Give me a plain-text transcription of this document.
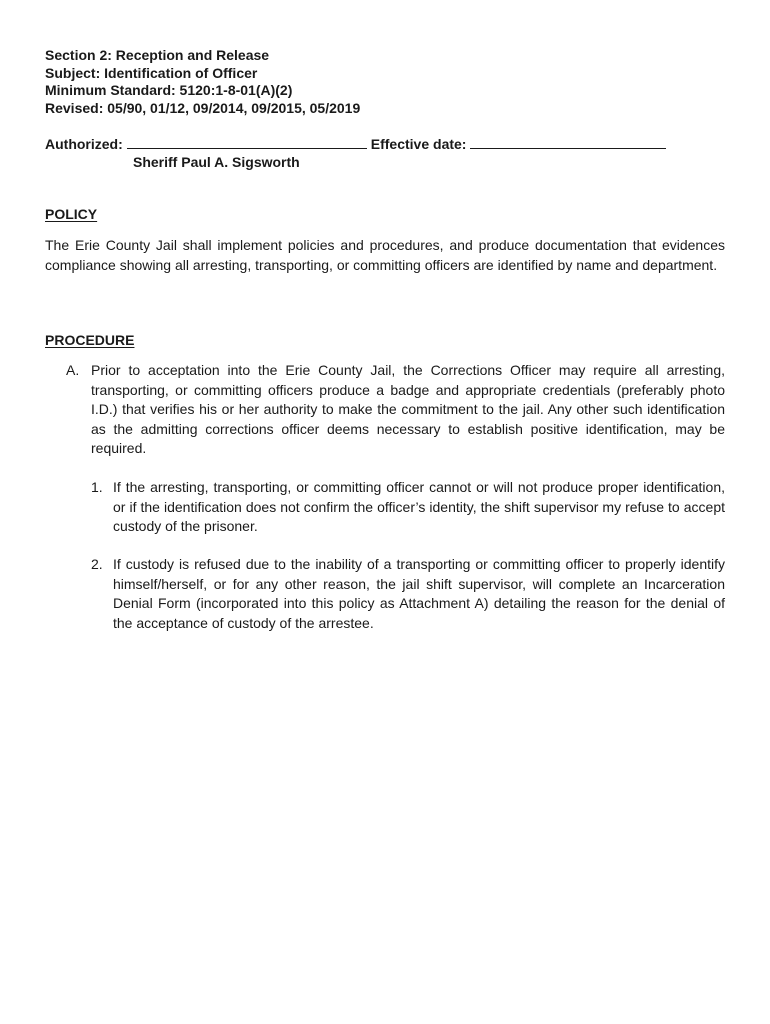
Section 2: Reception and Release
Subject: Identification of Officer
Minimum Standard: 5120:1-8-01(A)(2)
Revised: 05/90, 01/12, 09/2014, 09/2015, 05/2019
Authorized:	Effective date:
Sheriff Paul A. Sigsworth
POLICY
The Erie County Jail shall implement policies and procedures, and produce documentation that evidences compliance showing all arresting, transporting, or committing officers are identified by name and department.
PROCEDURE
A. Prior to acceptation into the Erie County Jail, the Corrections Officer may require all arresting, transporting, or committing officers produce a badge and appropriate credentials (preferably photo I.D.) that verifies his or her authority to make the commitment to the jail. Any other such identification as the admitting corrections officer deems necessary to establish positive identification, may be required.
1. If the arresting, transporting, or committing officer cannot or will not produce proper identification, or if the identification does not confirm the officer’s identity, the shift supervisor my refuse to accept custody of the prisoner.
2. If custody is refused due to the inability of a transporting or committing officer to properly identify himself/herself, or for any other reason, the jail shift supervisor, will complete an Incarceration Denial Form (incorporated into this policy as Attachment A) detailing the reason for the denial of the acceptance of custody of the arrestee.
